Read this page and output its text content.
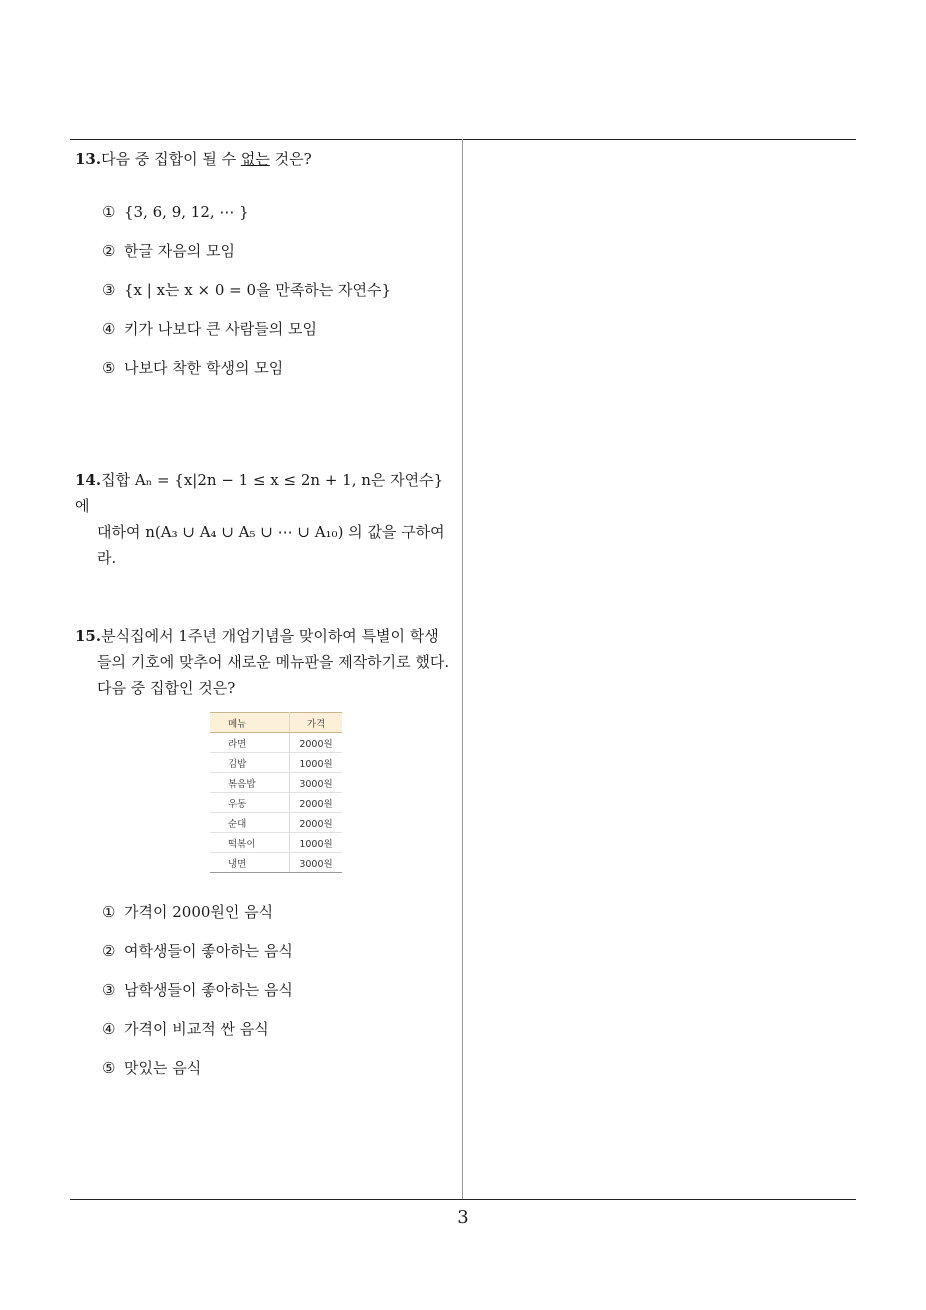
13.다음 중 집합이 될 수 없는 것은?
① {3, 6, 9, 12, ⋯ }
② 한글 자음의 모임
③ {x | x는 x × 0 = 0을 만족하는 자연수}
④ 키가 나보다 큰 사람들의 모임
⑤ 나보다 착한 학생의 모임
14.집합 Aₙ = {x|2n − 1 ≤ x ≤ 2n + 1, n은 자연수} 에
대하여 n(A₃ ∪ A₄ ∪ A₅ ∪ ⋯ ∪ A₁₀) 의 값을 구하여라.
15.분식집에서 1주년 개업기념을 맞이하여 특별이 학생
들의 기호에 맞추어 새로운 메뉴판을 제작하기로 했다.
다음 중 집합인 것은?
메뉴	가격
라면	2000원
김밥	1000원
볶음밥	3000원
우동	2000원
순대	2000원
떡볶이	1000원
냉면	3000원
① 가격이 2000원인 음식
② 여학생들이 좋아하는 음식
③ 남학생들이 좋아하는 음식
④ 가격이 비교적 싼 음식
⑤ 맛있는 음식
3
